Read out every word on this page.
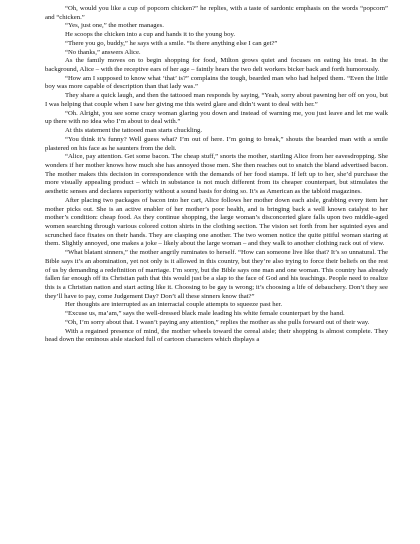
“Oh, would you like a cup of popcorn chicken?” he replies, with a taste of sardonic emphasis on the words “popcorn” and “chicken.”

“Yes, just one,” the mother manages.

He scoops the chicken into a cup and hands it to the young boy.

“There you go, buddy,” he says with a smile. “Is there anything else I can get?”

“No thanks,” answers Alice.

As the family moves on to begin shopping for food, Milton grows quiet and focuses on eating his treat. In the background, Alice – with the receptive ears of her age – faintly hears the two deli workers bicker back and forth humorously.

“How am I supposed to know what ‘that’ is?” complains the tough, bearded man who had helped them. “Even the little boy was more capable of description than that lady was.”

They share a quick laugh, and then the tattooed man responds by saying, “Yeah, sorry about pawning her off on you, but I was helping that couple when I saw her giving me this weird glare and didn’t want to deal with her.”

“Oh. Alright, you see some crazy woman glaring you down and instead of warning me, you just leave and let me walk up there with no idea who I’m about to deal with.”

At this statement the tattooed man starts chuckling.

“You think it’s funny? Well guess what? I’m out of here. I’m going to break,” shouts the bearded man with a smile plastered on his face as he saunters from the deli.

“Alice, pay attention. Get some bacon. The cheap stuff,” snorts the mother, startling Alice from her eavesdropping. She wonders if her mother knows how much she has annoyed those men. She then reaches out to snatch the bland advertised bacon. The mother makes this decision in correspondence with the demands of her food stamps. If left up to her, she’d purchase the more visually appealing product – which in substance is not much different from its cheaper counterpart, but stimulates the aesthetic senses and declares superiority without a sound basis for doing so. It’s as American as the tabloid magazines.

After placing two packages of bacon into her cart, Alice follows her mother down each aisle, grabbing every item her mother picks out. She is an active enabler of her mother’s poor health, and is bringing back a well known catalyst to her mother’s condition: cheap food. As they continue shopping, the large woman’s disconcerted glare falls upon two middle-aged women searching through various colored cotton shirts in the clothing section. The vision set forth from her squinted eyes and scrunched face fixates on their hands. They are clasping one another. The two women notice the quite pitiful woman staring at them. Slightly annoyed, one makes a joke – likely about the large woman – and they walk to another clothing rack out of view.

“What blatant sinners,” the mother angrily ruminates to herself. “How can someone live like that? It’s so unnatural. The Bible says it’s an abomination, yet not only is it allowed in this country, but they’re also trying to force their beliefs on the rest of us by demanding a redefinition of marriage. I’m sorry, but the Bible says one man and one woman. This country has already fallen far enough off its Christian path that this would just be a slap to the face of God and his teachings. People need to realize this is a Christian nation and start acting like it. Choosing to be gay is wrong; it’s choosing a life of debauchery. Don’t they see they’ll have to pay, come Judgement Day? Don’t all these sinners know that?”

Her thoughts are interrupted as an interracial couple attempts to squeeze past her.

“Excuse us, ma’am,” says the well-dressed black male leading his white female counterpart by the hand.

“Oh, I’m sorry about that. I wasn’t paying any attention,” replies the mother as she pulls forward out of their way.

With a regained presence of mind, the mother wheels toward the cereal aisle; their shopping is almost complete. They head down the ominous aisle stacked full of cartoon characters which displays a
